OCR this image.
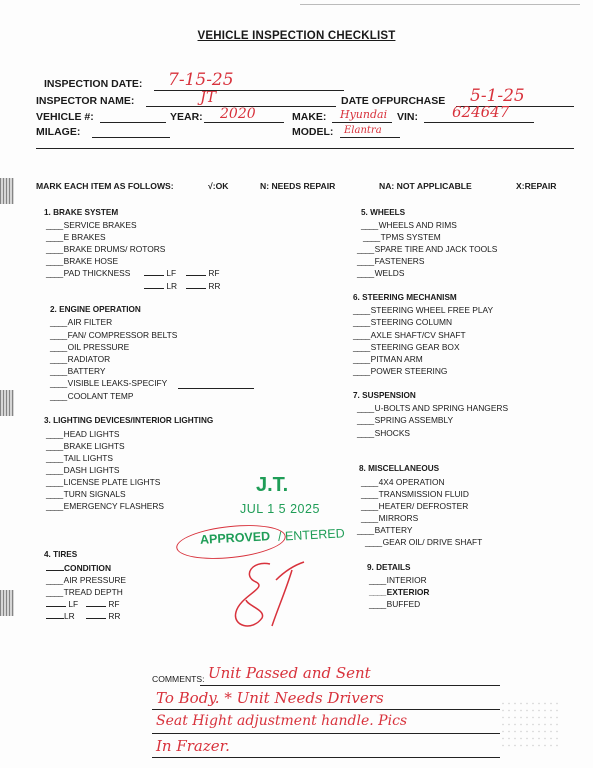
VEHICLE INSPECTION CHECKLIST
INSPECTION DATE: 7-15-25
INSPECTOR NAME:	JT	DATE OFPURCHASE 5-1-25
VEHICLE #:	YEAR: 2020	MAKE: Hyundai VIN: 624647
MILAGE:	MODEL: Elantra
MARK EACH ITEM AS FOLLOWS:	√:OK	N: NEEDS REPAIR	NA: NOT APPLICABLE	X:REPAIR
1. BRAKE SYSTEM
____ SERVICE BRAKES
____ E BRAKES
____ BRAKE DRUMS/ ROTORS
____ BRAKE HOSE
____ PAD THICKNESS	LF	RF
LR	RR
2. ENGINE OPERATION
____ AIR FILTER
____ FAN/ COMPRESSOR BELTS
____ OIL PRESSURE
____ RADIATOR
____ BATTERY
____ VISIBLE LEAKS-SPECIFY
____ COOLANT TEMP
3. LIGHTING DEVICES/INTERIOR LIGHTING
____ HEAD LIGHTS
____ BRAKE LIGHTS
____ TAIL LIGHTS
____ DASH LIGHTS
____ LICENSE PLATE LIGHTS
____ TURN SIGNALS
____ EMERGENCY FLASHERS
4. TIRES
CONDITION
____ AIR PRESSURE
____ TREAD DEPTH
LF	RF
LR	RR
5. WHEELS
____ WHEELS AND RIMS
____ TPMS SYSTEM
____ SPARE TIRE AND JACK TOOLS
____ FASTENERS
____ WELDS
6. STEERING MECHANISM
____ STEERING WHEEL FREE PLAY
____ STEERING COLUMN
____ AXLE SHAFT/CV SHAFT
____ STEERING GEAR BOX
____ PITMAN ARM
____ POWER STEERING
7. SUSPENSION
____ U-BOLTS AND SPRING HANGERS
____ SPRING ASSEMBLY
____ SHOCKS
8. MISCELLANEOUS
____ 4X4 OPERATION
____ TRANSMISSION FLUID
____ HEATER/ DEFROSTER
____ MIRRORS
____ BATTERY
____ GEAR OIL/ DRIVE SHAFT
9. DETAILS
____ INTERIOR
____ EXTERIOR
____ BUFFED
J.T.
JUL 1 5 2025
APPROVED / ENTERED
COMMENTS: Unit Passed and Sent
To Body. * Unit Needs Drivers
Seat Hight adjustment handle. Pics
In Frazer.
